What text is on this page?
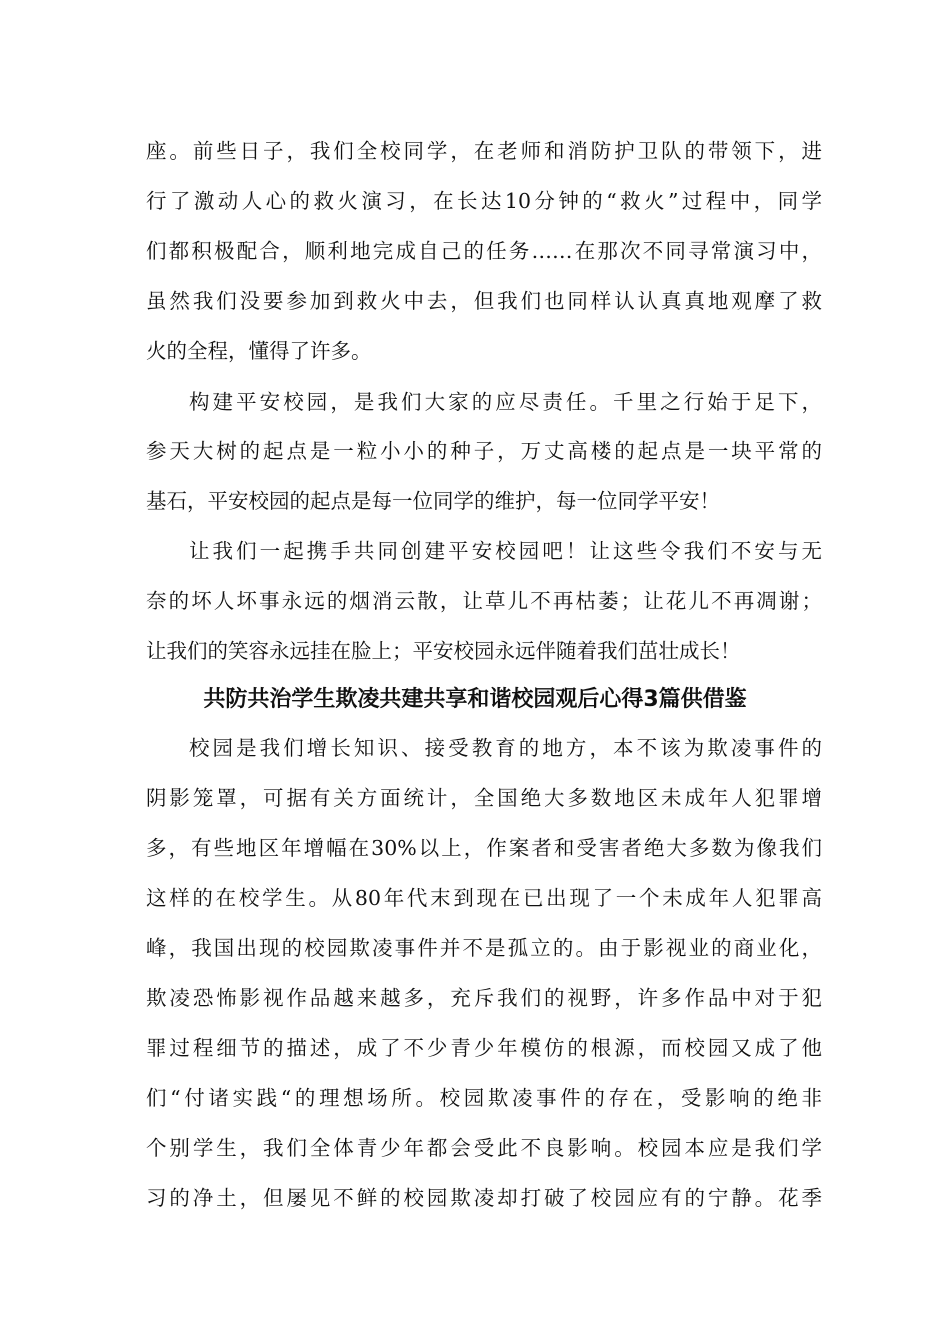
座。前些日子，我们全校同学，在老师和消防护卫队的带领下，进
行了激动人心的救火演习，在长达10分钟的“救火”过程中，同学
们都积极配合，顺利地完成自己的任务……在那次不同寻常演习中，
虽然我们没要参加到救火中去，但我们也同样认认真真地观摩了救
火的全程，懂得了许多。
构建平安校园，是我们大家的应尽责任。千里之行始于足下，
参天大树的起点是一粒小小的种子，万丈高楼的起点是一块平常的
基石，平安校园的起点是每一位同学的维护，每一位同学平安！
让我们一起携手共同创建平安校园吧！让这些令我们不安与无
奈的坏人坏事永远的烟消云散，让草儿不再枯萎；让花儿不再凋谢；
让我们的笑容永远挂在脸上；平安校园永远伴随着我们茁壮成长！
共防共治学生欺凌共建共享和谐校园观后心得3篇供借鉴
校园是我们增长知识、接受教育的地方，本不该为欺凌事件的
阴影笼罩，可据有关方面统计，全国绝大多数地区未成年人犯罪增
多，有些地区年增幅在30%以上，作案者和受害者绝大多数为像我们
这样的在校学生。从80年代末到现在已出现了一个未成年人犯罪高
峰，我国出现的校园欺凌事件并不是孤立的。由于影视业的商业化，
欺凌恐怖影视作品越来越多，充斥我们的视野，许多作品中对于犯
罪过程细节的描述，成了不少青少年模仿的根源，而校园又成了他
们“付诸实践“的理想场所。校园欺凌事件的存在，受影响的绝非
个别学生，我们全体青少年都会受此不良影响。校园本应是我们学
习的净土，但屡见不鲜的校园欺凌却打破了校园应有的宁静。花季
